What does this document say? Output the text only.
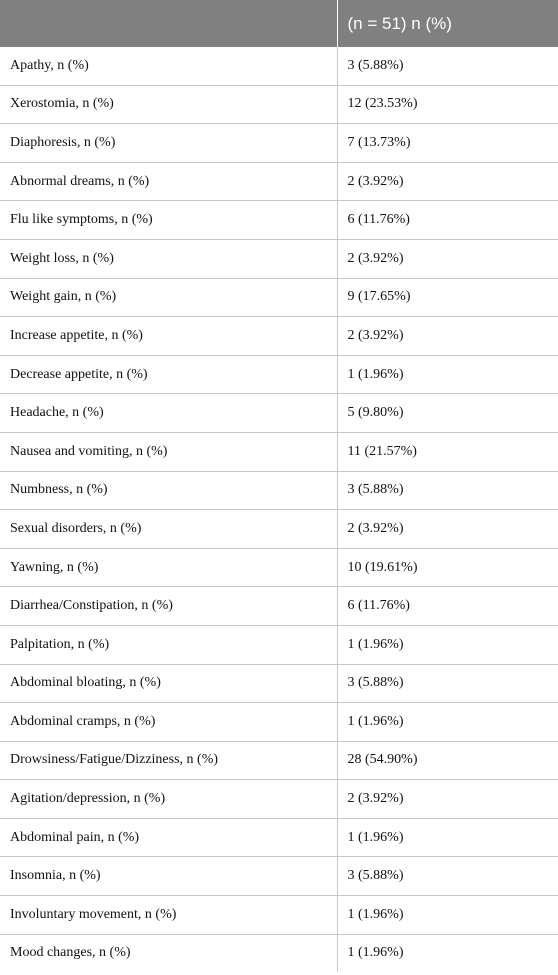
	(n = 51) n (%)
Apathy, n (%)	3 (5.88%)
Xerostomia, n (%)	12 (23.53%)
Diaphoresis, n (%)	7 (13.73%)
Abnormal dreams, n (%)	2 (3.92%)
Flu like symptoms, n (%)	6 (11.76%)
Weight loss, n (%)	2 (3.92%)
Weight gain, n (%)	9 (17.65%)
Increase appetite, n (%)	2 (3.92%)
Decrease appetite, n (%)	1 (1.96%)
Headache, n (%)	5 (9.80%)
Nausea and vomiting, n (%)	11 (21.57%)
Numbness, n (%)	3 (5.88%)
Sexual disorders, n (%)	2 (3.92%)
Yawning, n (%)	10 (19.61%)
Diarrhea/Constipation, n (%)	6 (11.76%)
Palpitation, n (%)	1 (1.96%)
Abdominal bloating, n (%)	3 (5.88%)
Abdominal cramps, n (%)	1 (1.96%)
Drowsiness/Fatigue/Dizziness, n (%)	28 (54.90%)
Agitation/depression, n (%)	2 (3.92%)
Abdominal pain, n (%)	1 (1.96%)
Insomnia, n (%)	3 (5.88%)
Involuntary movement, n (%)	1 (1.96%)
Mood changes, n (%)	1 (1.96%)
